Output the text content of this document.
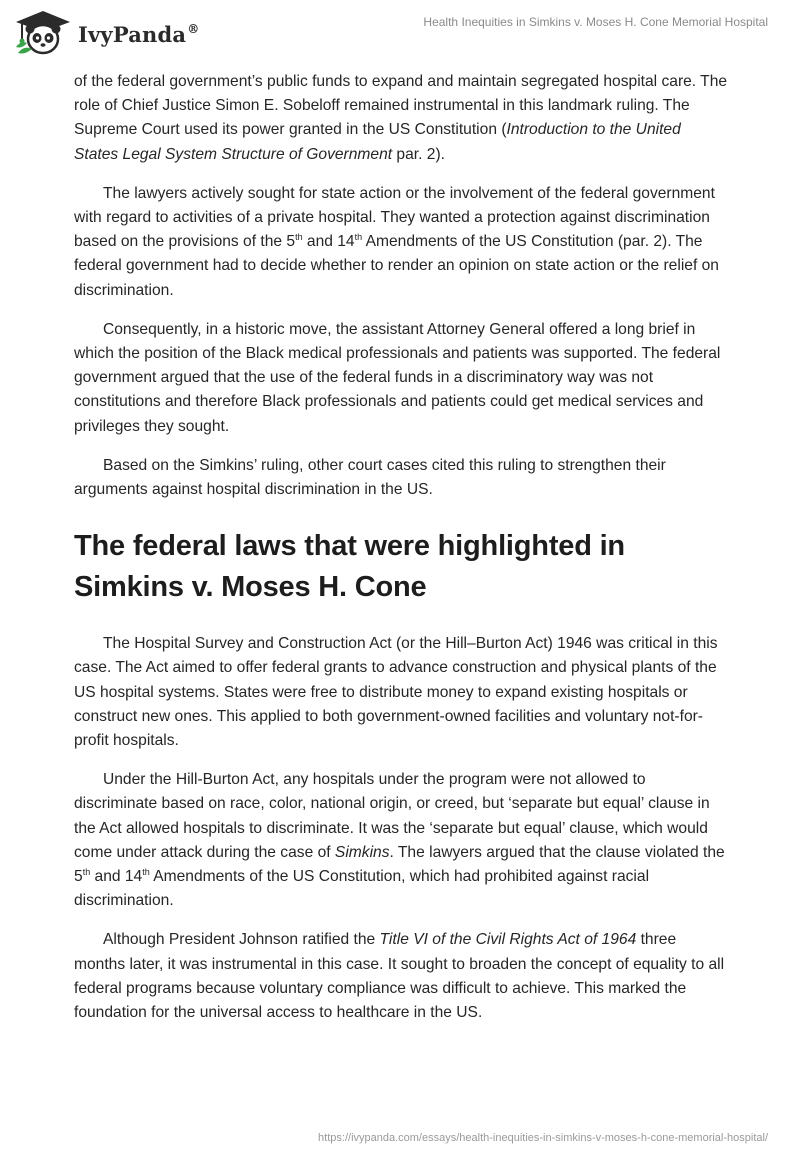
IvyPanda®	Health Inequities in Simkins v. Moses H. Cone Memorial Hospital

of the federal government’s public funds to expand and maintain segregated hospital care. The role of Chief Justice Simon E. Sobeloff remained instrumental in this landmark ruling. The Supreme Court used its power granted in the US Constitution (Introduction to the United States Legal System Structure of Government par. 2).

The lawyers actively sought for state action or the involvement of the federal government with regard to activities of a private hospital. They wanted a protection against discrimination based on the provisions of the 5th and 14th Amendments of the US Constitution (par. 2). The federal government had to decide whether to render an opinion on state action or the relief on discrimination.

Consequently, in a historic move, the assistant Attorney General offered a long brief in which the position of the Black medical professionals and patients was supported. The federal government argued that the use of the federal funds in a discriminatory way was not constitutions and therefore Black professionals and patients could get medical services and privileges they sought.

Based on the Simkins’ ruling, other court cases cited this ruling to strengthen their arguments against hospital discrimination in the US.

The federal laws that were highlighted in Simkins v. Moses H. Cone

The Hospital Survey and Construction Act (or the Hill–Burton Act) 1946 was critical in this case. The Act aimed to offer federal grants to advance construction and physical plants of the US hospital systems. States were free to distribute money to expand existing hospitals or construct new ones. This applied to both government-owned facilities and voluntary not-for-profit hospitals.

Under the Hill-Burton Act, any hospitals under the program were not allowed to discriminate based on race, color, national origin, or creed, but ‘separate but equal’ clause in the Act allowed hospitals to discriminate. It was the ‘separate but equal’ clause, which would come under attack during the case of Simkins. The lawyers argued that the clause violated the 5th and 14th Amendments of the US Constitution, which had prohibited against racial discrimination.

Although President Johnson ratified the Title VI of the Civil Rights Act of 1964 three months later, it was instrumental in this case. It sought to broaden the concept of equality to all federal programs because voluntary compliance was difficult to achieve. This marked the foundation for the universal access to healthcare in the US.

https://ivypanda.com/essays/health-inequities-in-simkins-v-moses-h-cone-memorial-hospital/
